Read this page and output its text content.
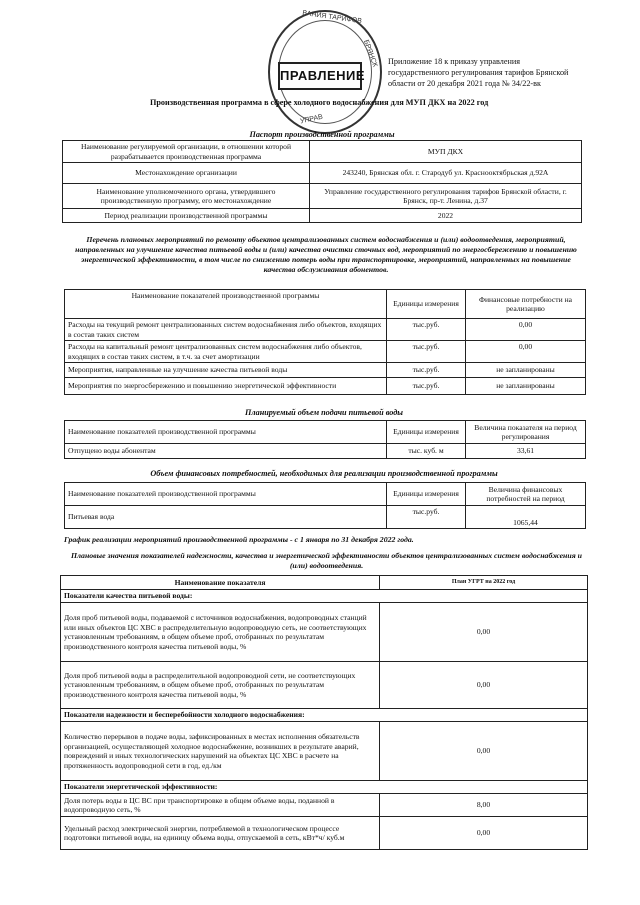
ВАНИЯ ТАРИФОВ
БРЯНСК
УПРАВ
ПРАВЛЕНИЕ
Приложение 18 к приказу управления
государственного регулирования тарифов Брянской
области от 20 декабря 2021 года № 34/22-вк
Производственная программа в сфере холодного водоснабжения для МУП ДКХ на 2022 год
Паспорт производственной программы
Наименование регулируемой организации, в отношении которой разрабатывается производственная программа	МУП ДКХ
Местонахождение организации	243240, Брянская обл. г. Стародуб ул. Краснооктябрьская д.92А
Наименование уполномоченного органа, утвердившего производственную программу, его местонахождение	Управление государственного регулирования тарифов Брянской области, г. Брянск, пр-т. Ленина, д.37
Период реализации производственной программы	2022
Перечень плановых мероприятий по ремонту объектов централизованных систем водоснабжения и (или) водоотведения, мероприятий, направленных на улучшение качества питьевой воды и (или) качества очистки сточных вод, мероприятий по энергосбережению и повышению энергетической эффективности, в том числе по снижению потерь воды при транспортировке, мероприятий, направленных на повышение качества обслуживания абонентов.
Наименование показателей производственной программы	Единицы измерения	Финансовые потребности на реализацию
Расходы на текущий ремонт централизованных систем водоснабжения либо объектов, входящих в состав таких систем	тыс.руб.	0,00
Расходы на капитальный ремонт централизованных систем водоснабжения либо объектов, входящих в состав таких систем, в т.ч. за счет амортизации	тыс.руб.	0,00
Мероприятия, направленные на улучшение качества питьевой воды	тыс.руб.	не запланированы
Мероприятия по энергосбережению и повышению энергетической эффективности	тыс.руб.	не запланированы
Планируемый объем подачи питьевой воды
Наименование показателей производственной программы	Единицы измерения	Величина показателя на период регулирования
Отпущено воды абонентам	тыс. куб. м	33,61
Объем финансовых потребностей, необходимых для реализации производственной программы
Наименование показателей производственной программы	Единицы измерения	Величина финансовых потребностей на период
Питьевая вода	тыс.руб.	1065,44
График реализации мероприятий производственной программы - с 1 января по 31 декабря 2022 года.
Плановые значения показателей надежности, качества и энергетической эффективности объектов централизованных систем водоснабжения и (или) водоотведения.
Наименование показателя	План УГРТ на 2022 год
Показатели качества питьевой воды:	
Доля проб питьевой воды, подаваемой с источников водоснабжения, водопроводных станций или иных объектов ЦС ХВС в распределительную водопроводную сеть, не соответствующих установленным требованиям, в общем объеме проб, отобранных по результатам производственного контроля качества питьевой воды, %	0,00
Доля проб питьевой воды в распределительной водопроводной сети, не соответствующих установленным требованиям, в общем объеме проб, отобранных по результатам производственного контроля качества питьевой воды, %	0,00
Показатели надежности и бесперебойности холодного водоснабжения:	
Количество перерывов в подаче воды, зафиксированных в местах исполнения обязательств организацией, осуществляющей холодное водоснабжение, возникших в результате аварий, повреждений и иных технологических нарушений на объектах ЦС ХВС в расчете на протяженность водопроводной сети в год, ед./км	0,00
Показатели энергетической эффективности:	
Доля потерь воды в ЦС ВС при транспортировке в общем объеме воды, поданной в водопроводную сеть, %	8,00
Удельный расход электрической энергии, потребляемой в технологическом процессе подготовки питьевой воды, на единицу объема воды, отпускаемой в сеть, кВт*ч/ куб.м	0,00
